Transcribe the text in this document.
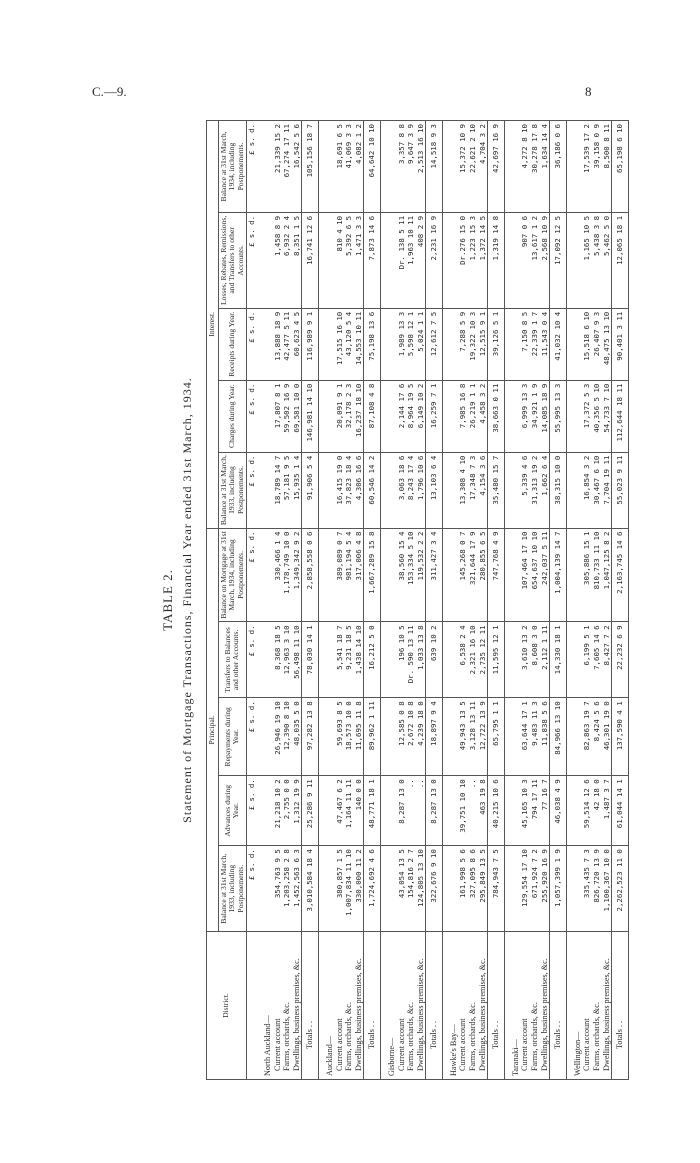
C.—9.	8
TABLE 2. Statement of Mortgage Transactions, Financial Year ended 31st March, 1934.
District.	Principal.					Interest.				
	Balance at 31st March, 1933, including Postponements.	Advances during Year.	Repayments during Year.	Transfers to Balances and other Accounts.	Balance on Mortgage at 31st March, 1934, including Postponements.	Balance at 31st March, 1933, including Postponements.	Charges during Year.	Receipts during Year.	Losses, Rebates, Remissions, and Transfers to other Accounts.	Balance at 31st March, 1934, including Postponements.
	£ s. d.	£ s. d.	£ s. d.	£ s. d.	£ s. d.	£ s. d.	£ s. d.	£ s. d.	£ s. d.	£ s. d.
North Auckland—										
Current account	354,763 9 5	21,218 10 2	26,946 19 10	8,368 18 5	330,466 1 4	18,789 14 7	17,807 8 1	13,888 18 9	1,458 8 9	21,339 15 2
Farms, orchards, &c.	1,203,258 2 8	2,755 0 0	12,390 8 10	12,963 3 10	1,178,749 10 0	57,181 9 5	59,502 16 9	42,477 5 11	6,932 2 4	67,274 17 11
Dwellings, business premises, &c.	1,452,563 6 3	1,312 19 9	48,035 5 0	56,498 11 10	1,349,342 9 2	15,935 1 4	69,581 10 0	60,623 4 5	8,351 1 5	16,542 5 6
Totals . .	3,010,584 18 4	25,286 9 11	97,282 13 8	78,030 14 1	2,858,558 0 6	91,906 5 4	146,981 14 10	116,989 9 1	16,741 12 6	105,156 18 7
Auckland—										
Current account	380,857 1 5	47,467 6 2	59,693 8 5	5,541 18 7	389,089 0 7	16,415 19 0	20,091 9 1	17,515 16 10	810 4 10	18,691 6 5
Farms, orchards, &c.	1,007,834 11 10	1,164 11 11	18,573 10 0	9,231 18 5	981,194 5 4	37,823 18 4	32,178 2 3	43,120 5 4	5,392 6 5	41,069 3 3
Dwellings, business premises, &c.	330,000 11 2	140 0 0	11,695 11 8	1,438 14 10	317,006 4 8	4,306 16 6	16,237 18 10	14,553 10 11	1,471 3 3	4,082 1 2
Totals . .	1,724,692 4 6	48,771 18 1	89,962 1 11	16,212 5 0	1,667,289 15 8	60,546 14 2	87,108 4 8	75,198 13 6	7,873 14 6	64,642 10 10
Gisborne—										
Current account	43,054 13 5	8,287 13 0	12,585 0 8	196 10 5	38,560 15 4	3,063 18 6	2,144 17 6	1,989 13 3	Dr. 138 5 11	3,357 8 8
Farms, orchards, &c.	154,816 2 7	..	2,672 10 8	Dr. 590 13 11	153,334 5 10	8,243 17 4	8,964 19 5	5,598 12 1	1,963 10 11	9,647 3 9
Dwellings, business premises, &c.	124,805 13 10	..	4,239 18 0	1,033 13 8	119,532 2 2	1,796 10 6	6,149 10 2	5,024 1 1	408 2 9	2,513 16 10
Totals . .	322,676 9 10	8,287 13 0	18,897 9 4	639 10 2	311,427 3 4	13,103 6 4	16,259 7 1	12,612 7 5	2,231 16 9	14,518 9 3
Hawke's Bay—										
Current account	161,998 5 6	39,751 10 10	49,943 13 5	6,538 2 4	145,268 0 7	13,308 4 10	7,985 16 8	7,288 5 9	Dr.276 15 0	15,372 10 9
Farms, orchards, &c.	327,095 8 6	..	3,128 13 11	2,321 16 10	321,644 17 9	17,348 7 3	26,219 1 1	19,322 10 3	1,223 15 3	22,621 2 10
Dwellings, business premises, &c.	295,849 13 5	463 19 8	12,722 13 9	2,735 12 11	280,855 6 5	4,154 3 6	4,458 3 2	12,515 9 1	1,372 14 5	4,704 3 2
Totals . .	784,943 7 5	40,215 10 6	65,795 1 1	11,595 12 1	747,768 4 9	35,480 15 7	38,663 0 11	39,126 5 1	1,319 14 8	42,697 16 9
Taranaki—										
Current account	129,554 17 10	45,165 10 3	63,644 17 1	3,610 13 2	107,464 17 10	5,339 4 6	6,999 13 3	7,150 8 5	907 0 6	4,272 8 10
Farms, orchards, &c.	671,924 7 2	794 17 11	9,483 11 3	8,608 3 0	654,637 10 10	31,313 19 2	34,921 1 9	22,339 1 7	13,617 1 2	30,278 17 8
Dwellings, business premises, &c.	255,920 16 9	77 16 7	11,838 5 6	2,112 1 11	242,037 5 11	1,662 6 4	14,085 18 9	11,543 0 4	2,568 10 9	1,634 14 4
Totals . .	1,057,399 1 9	46,038 4 9	84,966 13 10	14,330 18 1	1,004,139 14 7	38,315 10 0	55,995 13 3	41,032 10 4	17,092 12 5	36,186 0 6
Wellington—										
Current account	335,435 7 3	59,514 12 6	82,863 19 7	6,199 5 1	305,886 15 1	16,854 3 2	17,372 5 3	15,518 6 10	1,165 10 5	17,539 17 2
Farms, orchards, &c.	826,720 13 9	42 18 0	8,424 5 6	7,605 14 6	810,733 11 10	30,467 6 10	40,356 5 10	26,407 9 3	5,438 3 8	39,158 0 9
Dwellings, business premises, &c.	1,100,367 10 0	1,487 3 7	46,301 19 0	8,427 7 2	1,047,125 8 2	7,704 19 11	54,733 7 10	48,475 13 10	5,462 5 0	8,500 8 11
Totals . .	2,262,523 11 0	61,044 14 1	137,590 4 1	22,232 6 9	2,163,745 14 6	55,023 9 11	112,644 18 11	90,401 3 11	12,065 18 1	65,198 6 10
